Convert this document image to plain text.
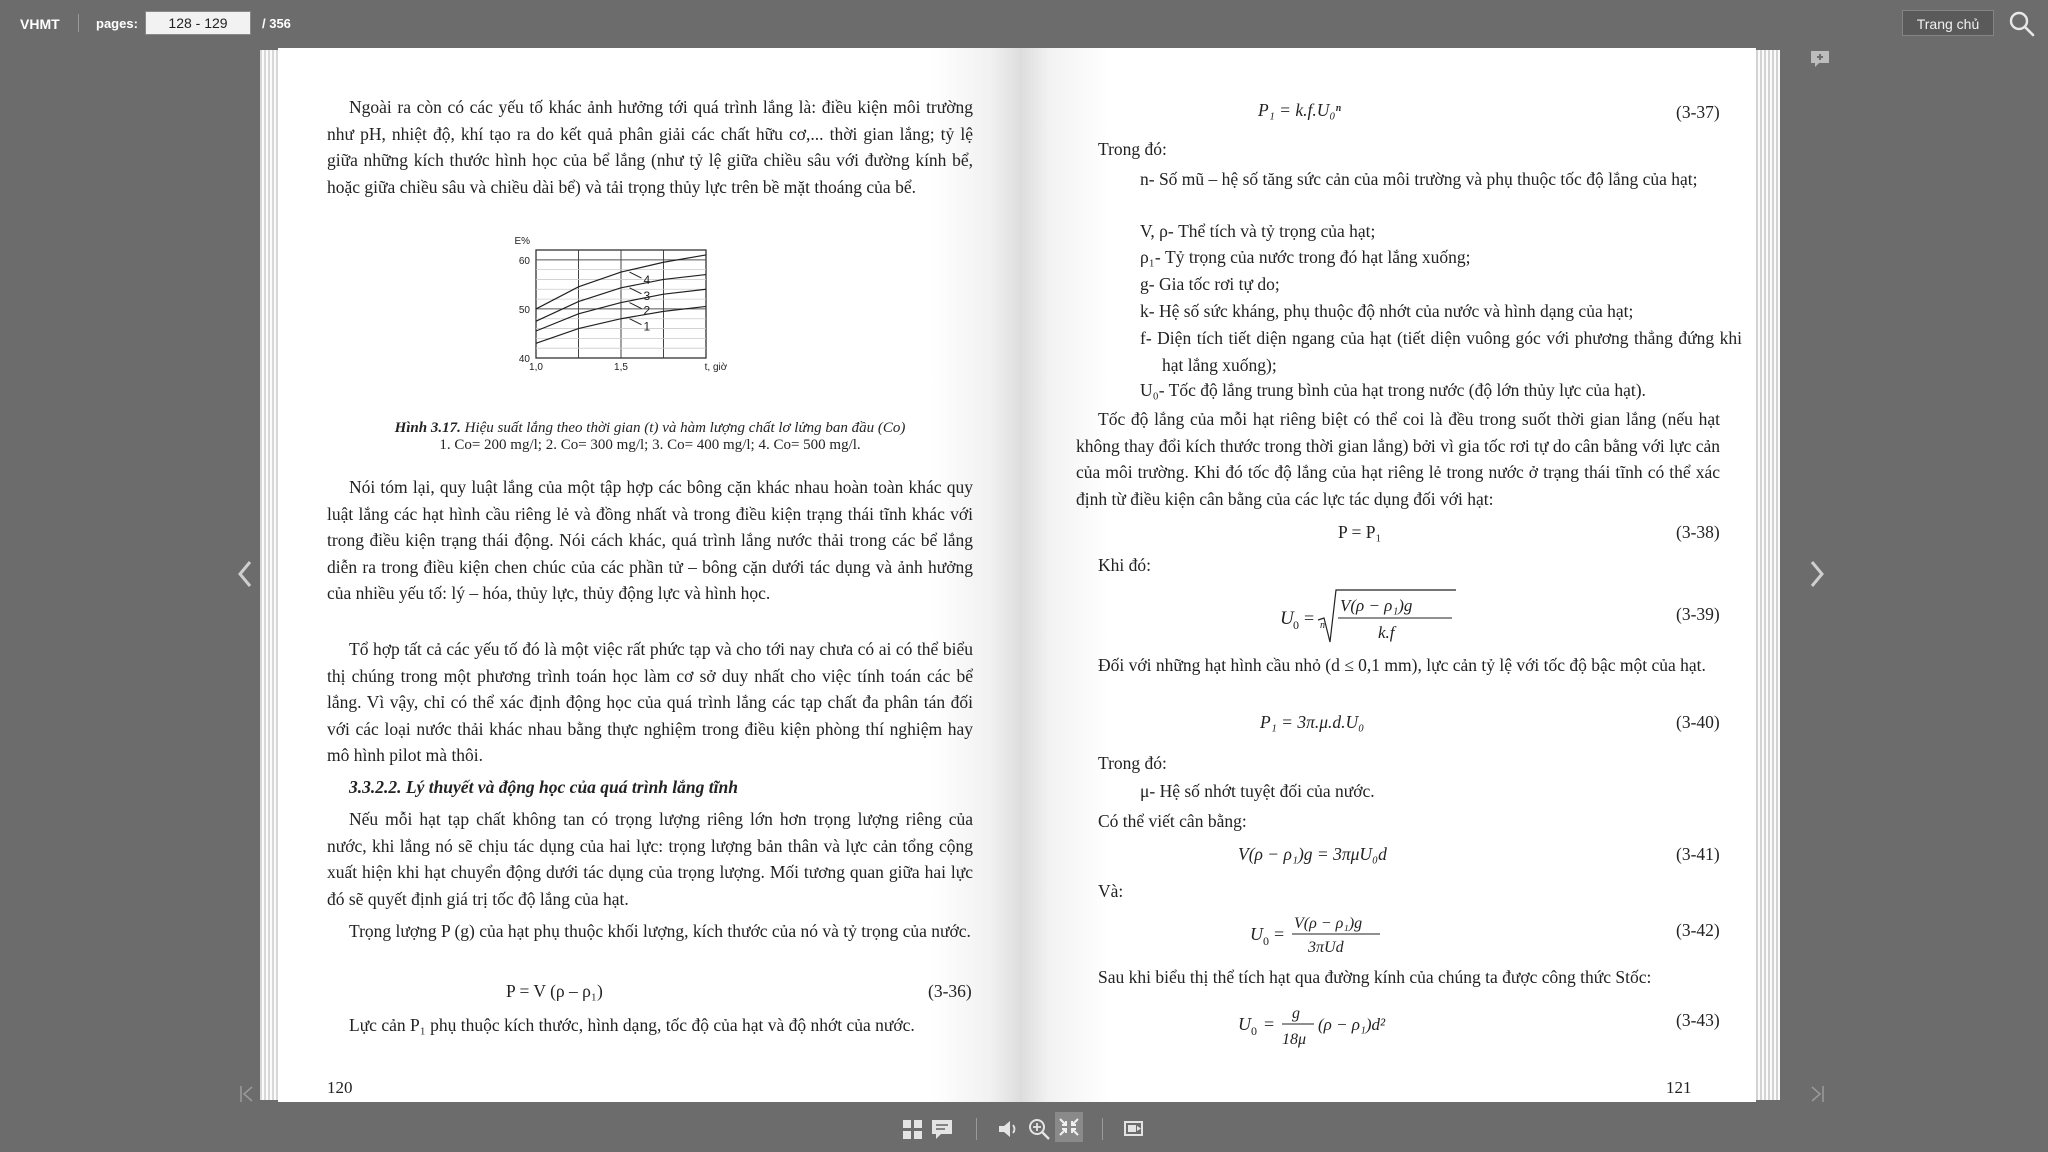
VHMT	pages:
128 - 129	/ 356	Trang chủ
Ngoài ra còn có các yếu tố khác ảnh hưởng tới quá trình lắng là: điều kiện môi trường như pH, nhiệt độ, khí tạo ra do kết quả phân giải các chất hữu cơ,... thời gian lắng; tỷ lệ giữa những kích thước hình học của bể lắng (như tỷ lệ giữa chiều sâu với đường kính bể, hoặc giữa chiều sâu và chiều dài bể) và tải trọng thủy lực trên bề mặt thoáng của bể.
40
50
60
1,0	1,5
E%
t, giờ
1
2
3
4
Hình 3.17. Hiệu suất lắng theo thời gian (t) và hàm lượng chất lơ lửng ban đầu (Co)
1. Co= 200 mg/l; 2. Co= 300 mg/l; 3. Co= 400 mg/l; 4. Co= 500 mg/l.
Nói tóm lại, quy luật lắng của một tập hợp các bông cặn khác nhau hoàn toàn khác quy luật lắng các hạt hình cầu riêng lẻ và đồng nhất và trong điều kiện trạng thái tĩnh khác với trong điều kiện trạng thái động. Nói cách khác, quá trình lắng nước thải trong các bể lắng diễn ra trong điều kiện chen chúc của các phần tử – bông cặn dưới tác dụng và ảnh hưởng của nhiều yếu tố: lý – hóa, thủy lực, thủy động lực và hình học.
Tổ hợp tất cả các yếu tố đó là một việc rất phức tạp và cho tới nay chưa có ai có thể biểu thị chúng trong một phương trình toán học làm cơ sở duy nhất cho việc tính toán các bể lắng. Vì vậy, chỉ có thể xác định động học của quá trình lắng các tạp chất đa phân tán đối với các loại nước thải khác nhau bằng thực nghiệm trong điều kiện phòng thí nghiệm hay mô hình pilot mà thôi.
3.3.2.2. Lý thuyết và động học của quá trình lắng tĩnh
Nếu mỗi hạt tạp chất không tan có trọng lượng riêng lớn hơn trọng lượng riêng của nước, khi lắng nó sẽ chịu tác dụng của hai lực: trọng lượng bản thân và lực cản tổng cộng xuất hiện khi hạt chuyển động dưới tác dụng của trọng lượng. Mối tương quan giữa hai lực đó sẽ quyết định giá trị tốc độ lắng của hạt.
Trọng lượng P (g) của hạt phụ thuộc khối lượng, kích thước của nó và tỷ trọng của nước.
P = V (ρ – ρ₁)	(3-36)
Lực cản P₁ phụ thuộc kích thước, hình dạng, tốc độ của hạt và độ nhớt của nước.
120
P₁ = k.f.U₀ⁿ	(3-37)
Trong đó:
n- Số mũ – hệ số tăng sức cản của môi trường và phụ thuộc tốc độ lắng của hạt;
V, ρ- Thể tích và tỷ trọng của hạt;
ρ₁- Tỷ trọng của nước trong đó hạt lắng xuống;
g- Gia tốc rơi tự do;
k- Hệ số sức kháng, phụ thuộc độ nhớt của nước và hình dạng của hạt;
f- Diện tích tiết diện ngang của hạt (tiết diện vuông góc với phương thẳng đứng khi hạt lắng xuống);
U₀- Tốc độ lắng trung bình của hạt trong nước (độ lớn thủy lực của hạt).
Tốc độ lắng của mỗi hạt riêng biệt có thể coi là đều trong suốt thời gian lắng (nếu hạt không thay đổi kích thước trong thời gian lắng) bởi vì gia tốc rơi tự do cân bằng với lực cản của môi trường. Khi đó tốc độ lắng của hạt riêng lẻ trong nước ở trạng thái tĩnh có thể xác định từ điều kiện cân bằng của các lực tác dụng đối với hạt:
P = P₁	(3-38)
Khi đó:
U 0 = n
V(ρ − ρ₁)g
k.f
(3-39)
Đối với những hạt hình cầu nhỏ (d ≤ 0,1 mm), lực cản tỷ lệ với tốc độ bậc một của hạt.
P₁ = 3π.μ.d.U₀	(3-40)
Trong đó:
μ- Hệ số nhớt tuyệt đối của nước.
Có thể viết cân bằng:
V(ρ − ρ₁)g = 3πμU₀d	(3-41)
Và:
U 0 =
V(ρ − ρ₁)g
3πUd
(3-42)
Sau khi biểu thị thể tích hạt qua đường kính của chúng ta được công thức Stốc:
U 0 =
g
18μ
(ρ − ρ₁)d²	(3-43)
121
